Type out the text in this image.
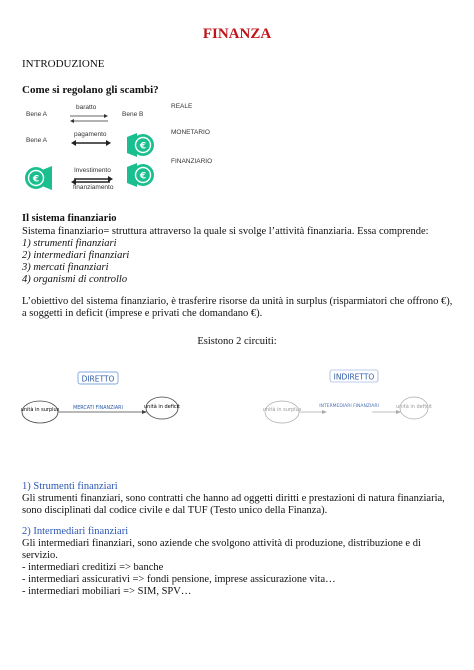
FINANZA
INTRODUZIONE
Come si regolano gli scambi?
Bene A	Bene B
Bene A
baratto
pagamento
Investimento
finanziamento
REALE
MONETARIO
FINANZIARIO
€
€	€
Il sistema finanziario
Sistema finanziario= struttura attraverso la quale si svolge l’attività finanziaria. Essa comprende:
1) strumenti finanziari
2) intermediari finanziari
3) mercati finanziari
4) organismi di controllo
L’obiettivo del sistema finanziario, è trasferire risorse da unità in surplus (risparmiatori che offrono €),
a soggetti in deficit (imprese e privati che domandano €).
Esistono 2 circuiti:
DIRETTO
unità in surplus	MERCATI FINANZIARI	unità in deficit
INDIRETTO
unità in surplus
INTERMEDIARI FINANZIARI	unità in deficit
1) Strumenti finanziari
Gli strumenti finanziari, sono contratti che hanno ad oggetti diritti e prestazioni di natura finanziaria,
sono disciplinati dal codice civile e dal TUF (Testo unico della Finanza).
2) Intermediari finanziari
Gli intermediari finanziari, sono aziende che svolgono attività di produzione, distribuzione e di
servizio.
- intermediari creditizi => banche
- intermediari assicurativi => fondi pensione, imprese assicurazione vita…
- intermediari mobiliari => SIM, SPV…
